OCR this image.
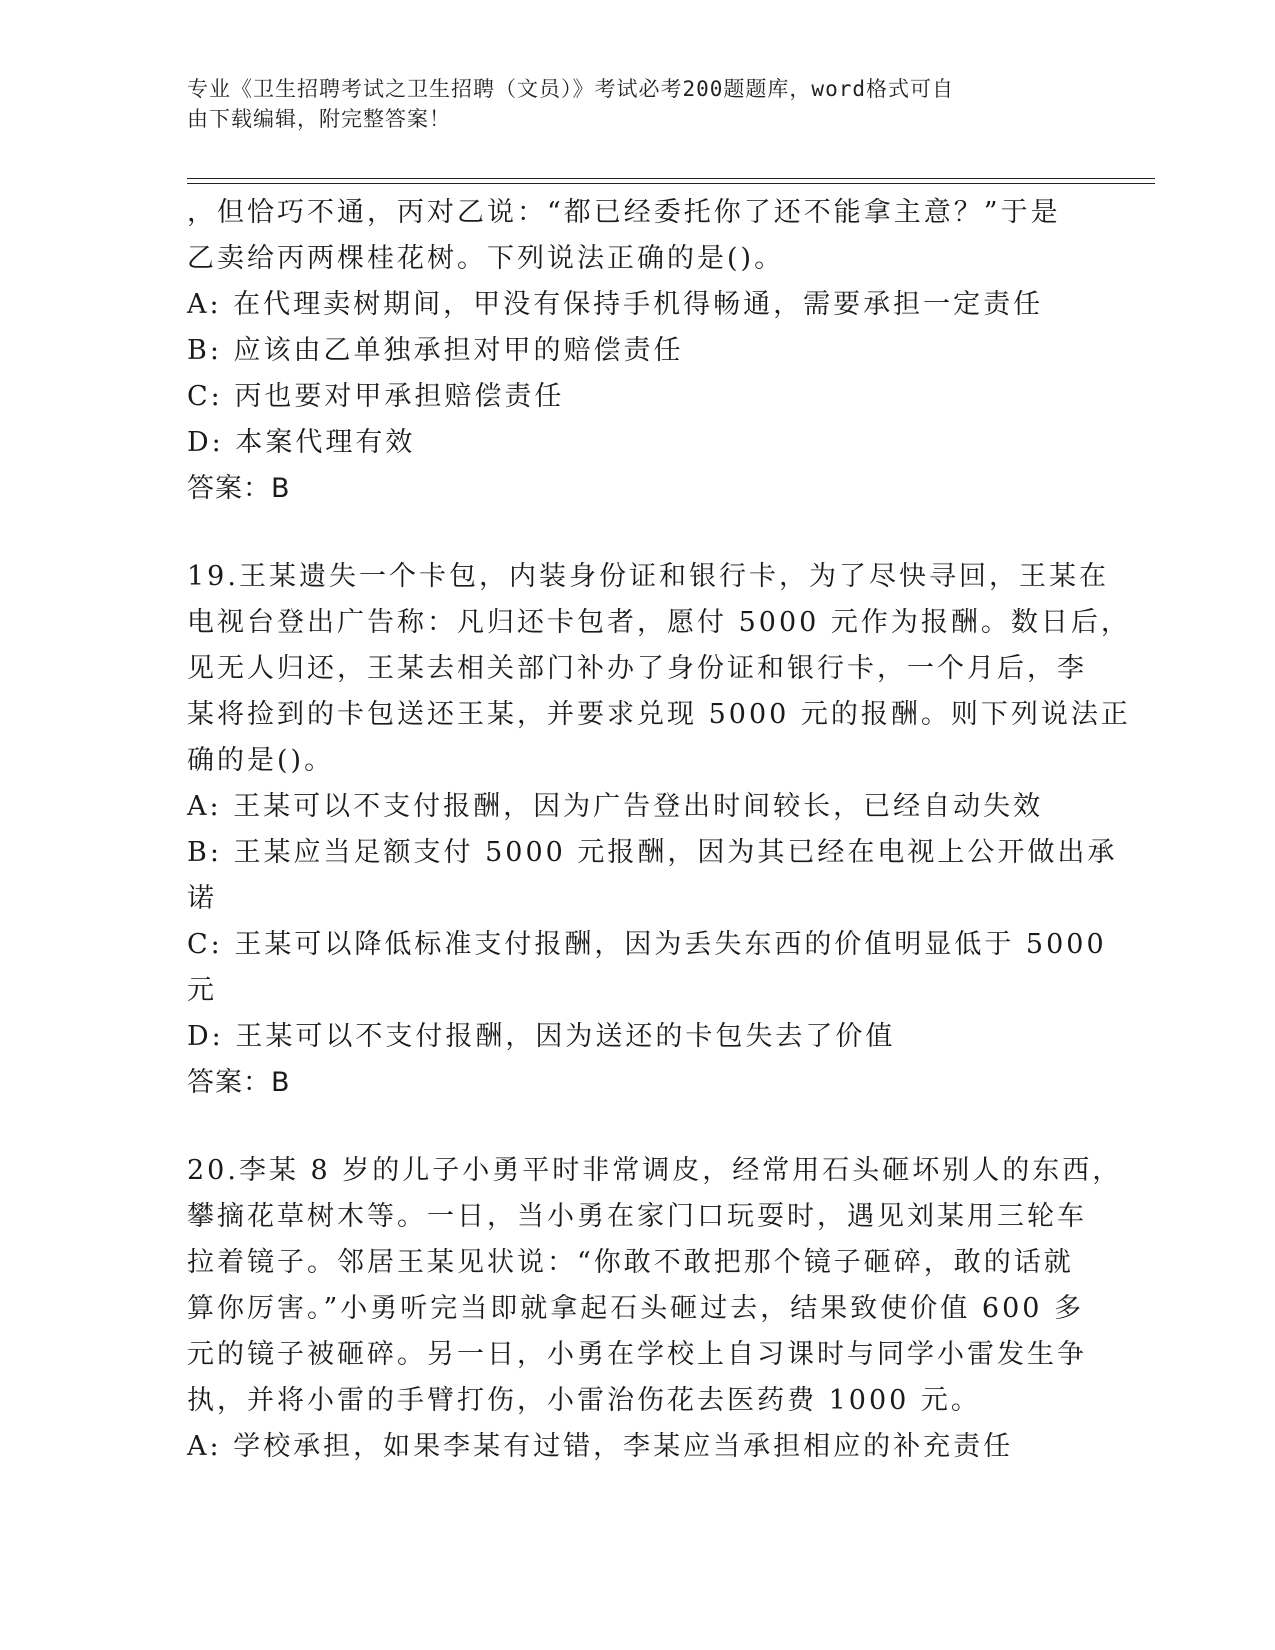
专业《卫生招聘考试之卫生招聘（文员）》考试必考200题题库，word格式可自
由下载编辑，附完整答案！
，但恰巧不通，丙对乙说：“都已经委托你了还不能拿主意？”于是
乙卖给丙两棵桂花树。下列说法正确的是()。
A: 在代理卖树期间，甲没有保持手机得畅通，需要承担一定责任
B: 应该由乙单独承担对甲的赔偿责任
C: 丙也要对甲承担赔偿责任
D: 本案代理有效
答案：B
19.王某遗失一个卡包，内装身份证和银行卡，为了尽快寻回，王某在
电视台登出广告称：凡归还卡包者，愿付 5000 元作为报酬。数日后，
见无人归还，王某去相关部门补办了身份证和银行卡，一个月后，李
某将捡到的卡包送还王某，并要求兑现 5000 元的报酬。则下列说法正
确的是()。
A: 王某可以不支付报酬，因为广告登出时间较长，已经自动失效
B: 王某应当足额支付 5000 元报酬，因为其已经在电视上公开做出承
诺
C: 王某可以降低标准支付报酬，因为丢失东西的价值明显低于 5000
元
D: 王某可以不支付报酬，因为送还的卡包失去了价值
答案：B
20.李某 8 岁的儿子小勇平时非常调皮，经常用石头砸坏别人的东西，
攀摘花草树木等。一日，当小勇在家门口玩耍时，遇见刘某用三轮车
拉着镜子。邻居王某见状说：“你敢不敢把那个镜子砸碎，敢的话就
算你厉害。”小勇听完当即就拿起石头砸过去，结果致使价值 600 多
元的镜子被砸碎。另一日，小勇在学校上自习课时与同学小雷发生争
执，并将小雷的手臂打伤，小雷治伤花去医药费 1000 元。
A: 学校承担，如果李某有过错，李某应当承担相应的补充责任
